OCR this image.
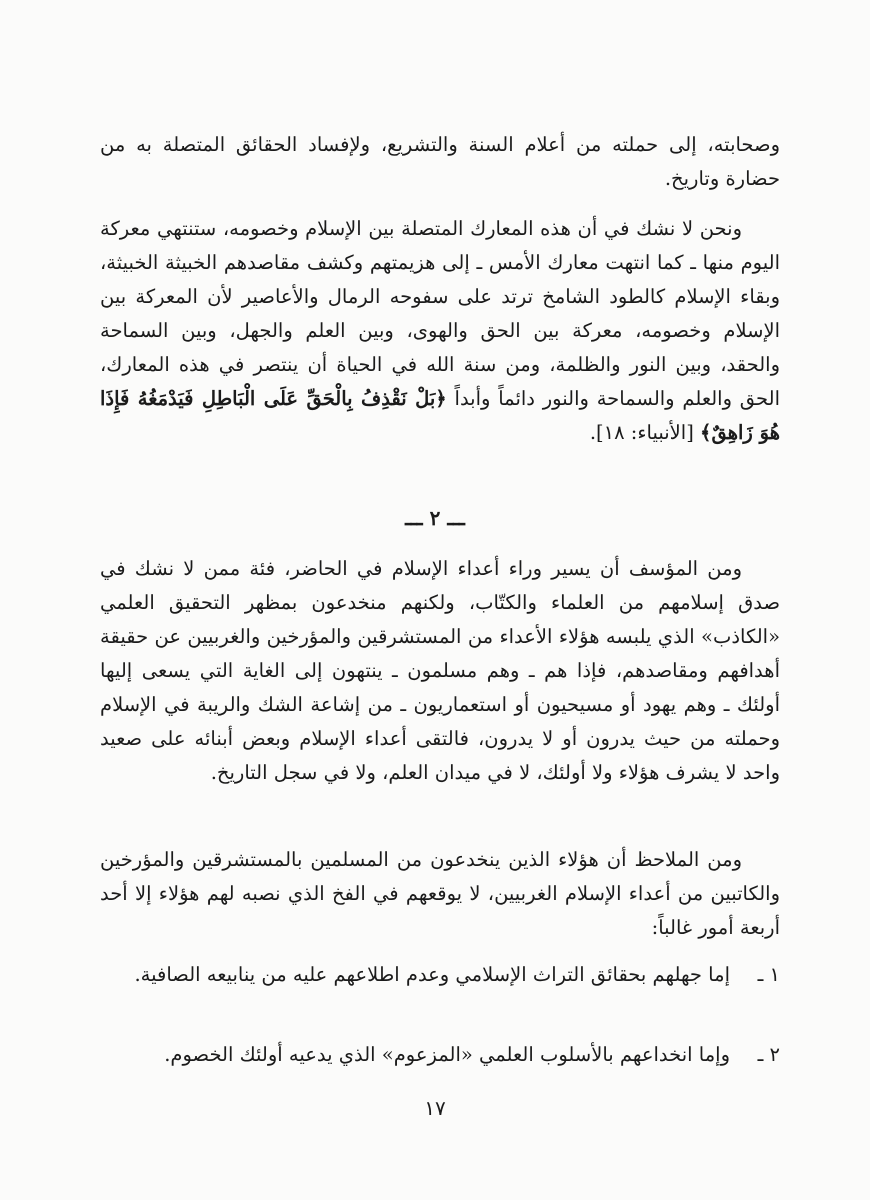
وصحابته، إلى حملته من أعلام السنة والتشريع، ولإفساد الحقائق المتصلة به من حضارة وتاريخ.

ونحن لا نشك في أن هذه المعارك المتصلة بين الإسلام وخصومه، ستنتهي معركة اليوم منها ـ كما انتهت معارك الأمس ـ إلى هزيمتهم وكشف مقاصدهم الخبيثة الخبيثة، وبقاء الإسلام كالطود الشامخ ترتد على سفوحه الرمال والأعاصير لأن المعركة بين الإسلام وخصومه، معركة بين الحق والهوى، وبين العلم والجهل، وبين السماحة والحقد، وبين النور والظلمة، ومن سنة الله في الحياة أن ينتصر في هذه المعارك، الحق والعلم والسماحة والنور دائماً وأبداً ﴿بَلْ نَقْذِفُ بِالْحَقِّ عَلَى الْبَاطِلِ فَيَدْمَغُهُ فَإِذَا هُوَ زَاهِقٌ﴾ [الأنبياء: ١٨].

ـــ ٢ ـــ

ومن المؤسف أن يسير وراء أعداء الإسلام في الحاضر، فئة ممن لا نشك في صدق إسلامهم من العلماء والكتّاب، ولكنهم منخدعون بمظهر التحقيق العلمي «الكاذب» الذي يلبسه هؤلاء الأعداء من المستشرقين والمؤرخين والغربيين عن حقيقة أهدافهم ومقاصدهم، فإذا هم ـ وهم مسلمون ـ ينتهون إلى الغاية التي يسعى إليها أولئك ـ وهم يهود أو مسيحيون أو استعماريون ـ من إشاعة الشك والريبة في الإسلام وحملته من حيث يدرون أو لا يدرون، فالتقى أعداء الإسلام وبعض أبنائه على صعيد واحد لا يشرف هؤلاء ولا أولئك، لا في ميدان العلم، ولا في سجل التاريخ.

ومن الملاحظ أن هؤلاء الذين ينخدعون من المسلمين بالمستشرقين والمؤرخين والكاتبين من أعداء الإسلام الغربيين، لا يوقعهم في الفخ الذي نصبه لهم هؤلاء إلا أحد أربعة أمور غالباً:

١ ـ
إما جهلهم بحقائق التراث الإسلامي وعدم اطلاعهم عليه من ينابيعه الصافية.
٢ ـ
وإما انخداعهم بالأسلوب العلمي «المزعوم» الذي يدعيه أولئك الخصوم.
١٧
